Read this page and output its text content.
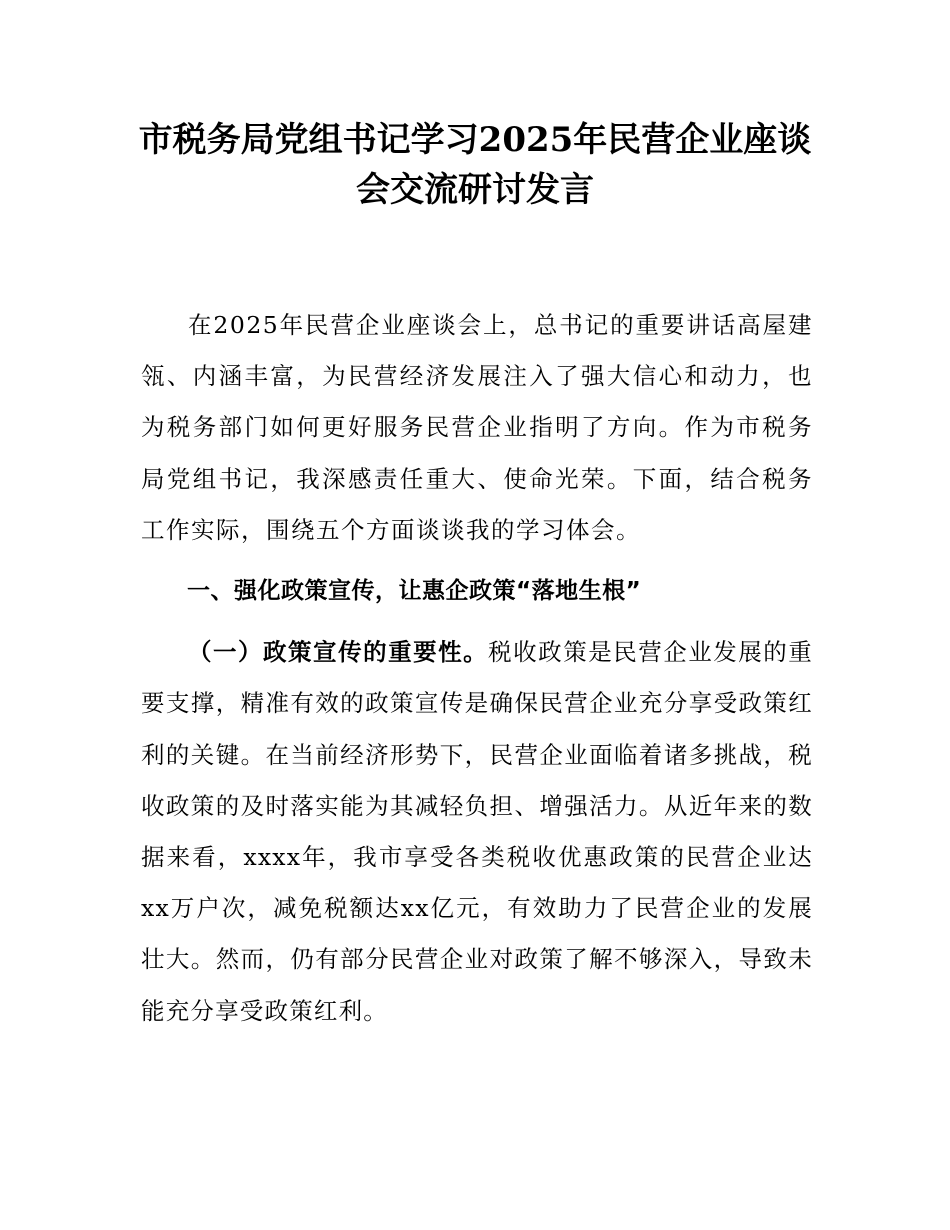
市税务局党组书记学习2025年民营企业座谈
会交流研讨发言

在2025年民营企业座谈会上，总书记的重要讲话高屋建瓴、内涵丰富，为民营经济发展注入了强大信心和动力，也为税务部门如何更好服务民营企业指明了方向。作为市税务局党组书记，我深感责任重大、使命光荣。下面，结合税务工作实际，围绕五个方面谈谈我的学习体会。

一、强化政策宣传，让惠企政策“落地生根”

（一）政策宣传的重要性。税收政策是民营企业发展的重要支撑，精准有效的政策宣传是确保民营企业充分享受政策红利的关键。在当前经济形势下，民营企业面临着诸多挑战，税收政策的及时落实能为其减轻负担、增强活力。从近年来的数据来看，xxxx年，我市享受各类税收优惠政策的民营企业达xx万户次，减免税额达xx亿元，有效助力了民营企业的发展壮大。然而，仍有部分民营企业对政策了解不够深入，导致未能充分享受政策红利。
